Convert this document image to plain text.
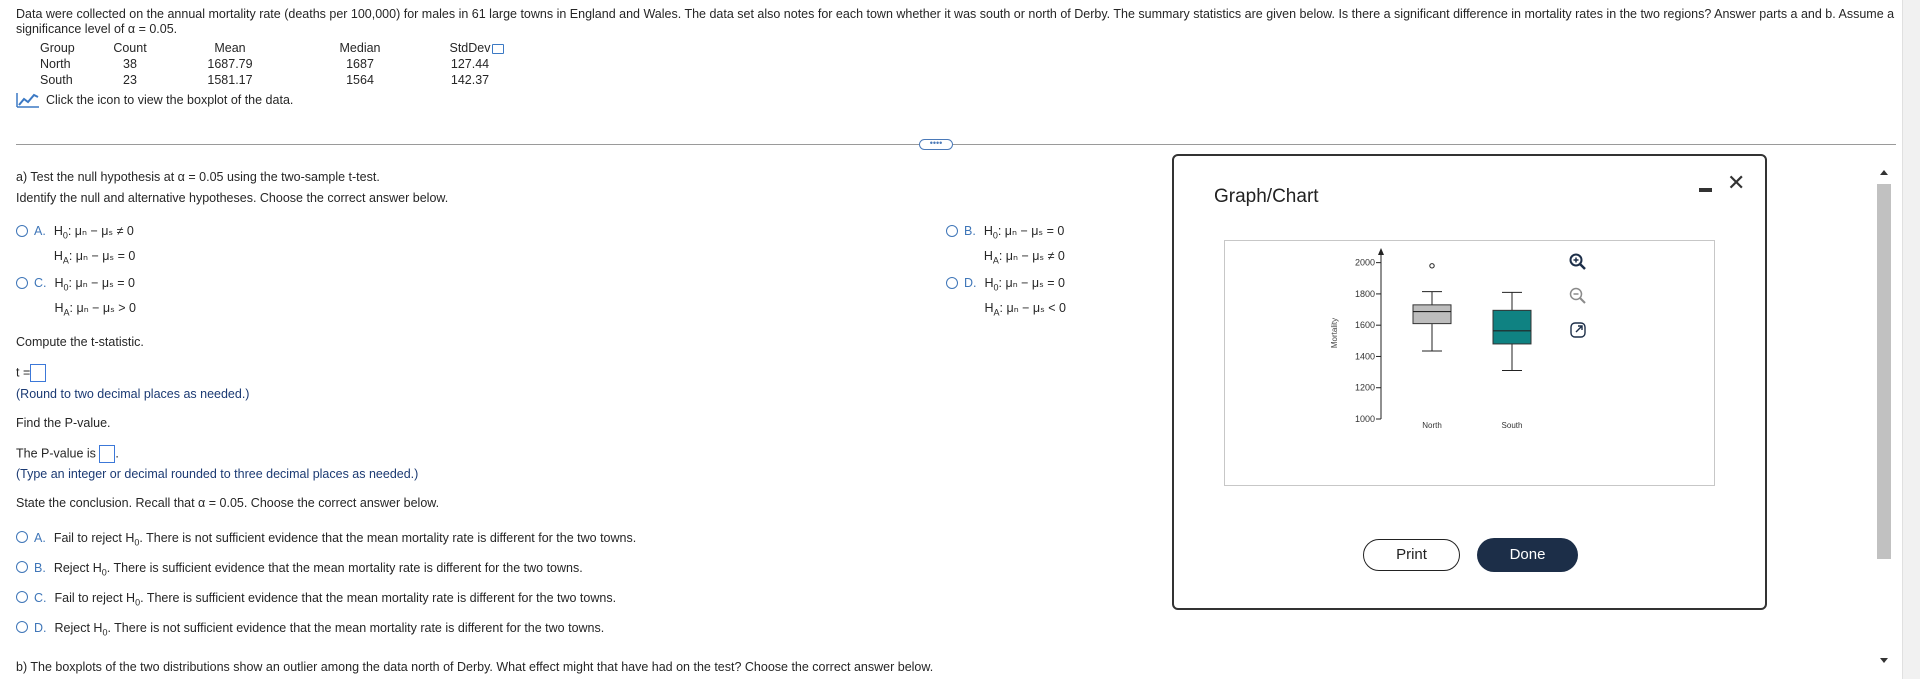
Data were collected on the annual mortality rate (deaths per 100,000) for males in 61 large towns in England and Wales. The data set also notes for each town whether it was south or north of Derby. The summary statistics are given below. Is there a significant difference in mortality rates in the two regions? Answer parts a and b. Assume a significance level of α = 0.05.
Group	Count	Mean	Median	StdDev
North	38	1687.79	1687	127.44
South	23	1581.17	1564	142.37
Click the icon to view the boxplot of the data.
••••
a) Test the null hypothesis at α = 0.05 using the two-sample t-test.
Identify the null and alternative hypotheses. Choose the correct answer below.
A. $H_0$: μₙ − μₛ ≠ 0
$H_A$: μₙ − μₛ = 0
B. $H_0$: μₙ − μₛ = 0
$H_A$: μₙ − μₛ ≠ 0
C. $H_0$: μₙ − μₛ = 0
$H_A$: μₙ − μₛ > 0
D. $H_0$: μₙ − μₛ = 0
$H_A$: μₙ − μₛ < 0
Compute the t-statistic.
t =
(Round to two decimal places as needed.)
Find the P-value.
The P-value is .
(Type an integer or decimal rounded to three decimal places as needed.)
State the conclusion. Recall that α = 0.05. Choose the correct answer below.
A. Fail to reject $H_0$. There is not sufficient evidence that the mean mortality rate is different for the two towns.
B. Reject $H_0$. There is sufficient evidence that the mean mortality rate is different for the two towns.
C. Fail to reject $H_0$. There is sufficient evidence that the mean mortality rate is different for the two towns.
D. Reject $H_0$. There is not sufficient evidence that the mean mortality rate is different for the two towns.
b) The boxplots of the two distributions show an outlier among the data north of Derby. What effect might that have had on the test? Choose the correct answer below.
Graph/Chart
✕
Mortality
1000
1200
1400
1600
1800
2000
North	South
Print	Done
